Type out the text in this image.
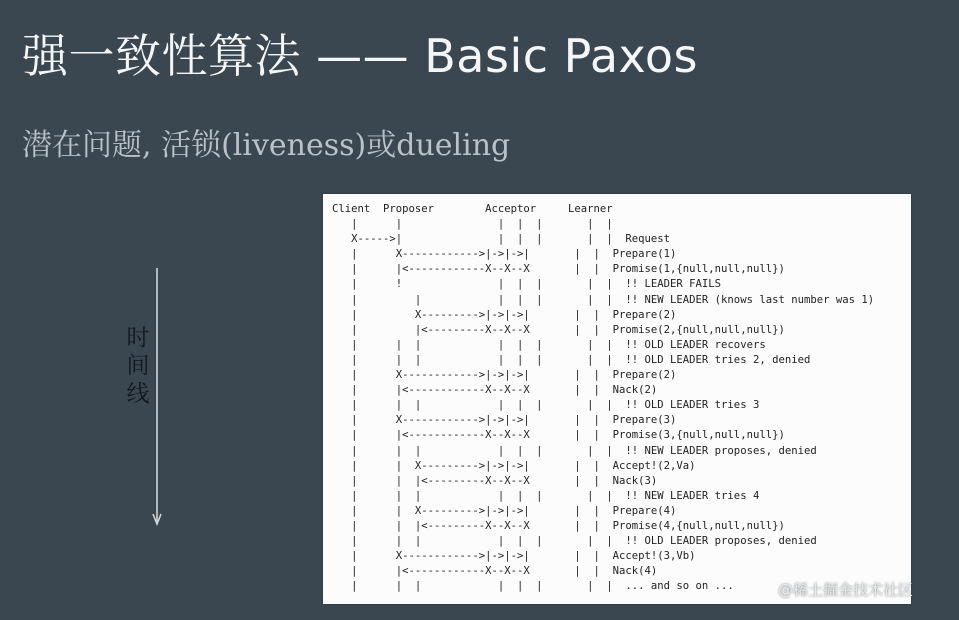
强一致性算法 —— Basic Paxos
潜在问题, 活锁(liveness)或dueling
时
间
线
Client  Proposer        Acceptor     Learner
|      |               |  |  |       |  |
X----->|               |  |  |       |  |  Request
|      X------------>|->|->|       |  |  Prepare(1)
|      |<------------X--X--X       |  |  Promise(1,{null,null,null})
|      !               |  |  |       |  |  !! LEADER FAILS
|         |            |  |  |       |  |  !! NEW LEADER (knows last number was 1)
|         X--------->|->|->|       |  |  Prepare(2)
|         |<---------X--X--X       |  |  Promise(2,{null,null,null})
|      |  |            |  |  |       |  |  !! OLD LEADER recovers
|      |  |            |  |  |       |  |  !! OLD LEADER tries 2, denied
|      X------------>|->|->|       |  |  Prepare(2)
|      |<------------X--X--X       |  |  Nack(2)
|      |  |            |  |  |       |  |  !! OLD LEADER tries 3
|      X------------>|->|->|       |  |  Prepare(3)
|      |<------------X--X--X       |  |  Promise(3,{null,null,null})
|      |  |            |  |  |       |  |  !! NEW LEADER proposes, denied
|      |  X--------->|->|->|       |  |  Accept!(2,Va)
|      |  |<---------X--X--X       |  |  Nack(3)
|      |  |            |  |  |       |  |  !! NEW LEADER tries 4
|      |  X--------->|->|->|       |  |  Prepare(4)
|      |  |<---------X--X--X       |  |  Promise(4,{null,null,null})
|      |  |            |  |  |       |  |  !! OLD LEADER proposes, denied
|      X------------>|->|->|       |  |  Accept!(3,Vb)
|      |<------------X--X--X       |  |  Nack(4)
|      |  |            |  |  |       |  |  ... and so on ...	@稀土掘金技术社区
